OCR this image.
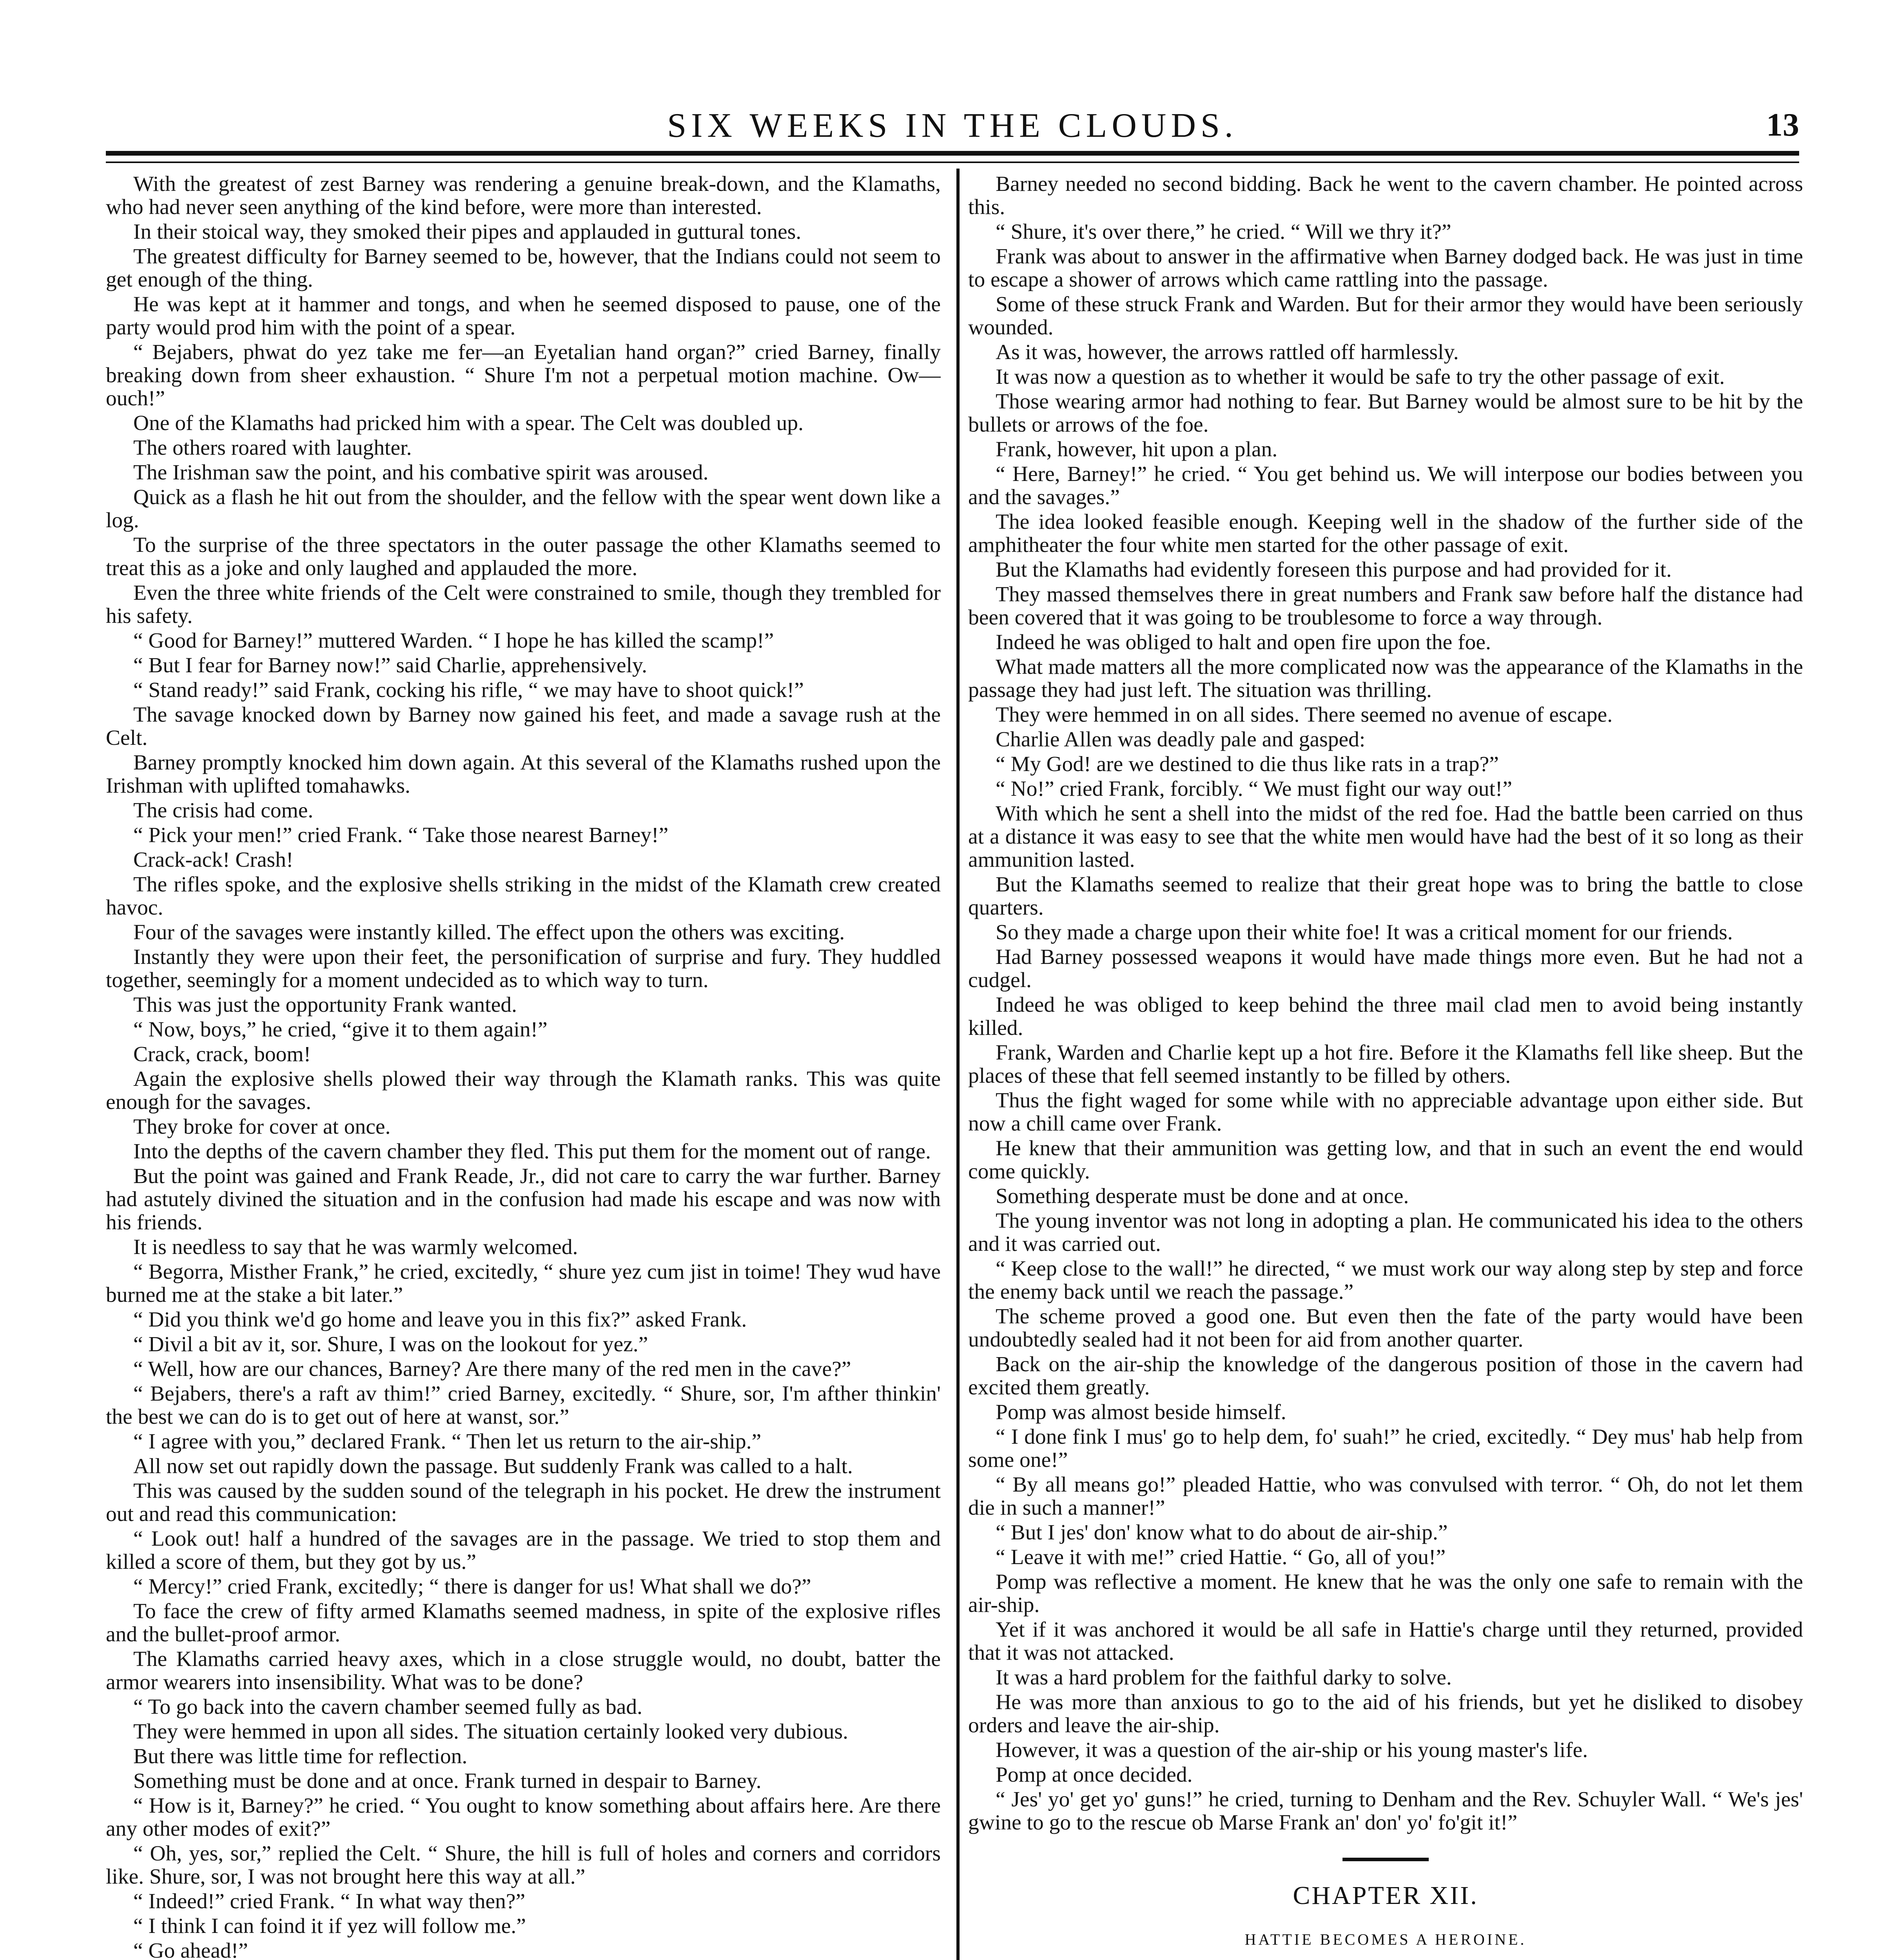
SIX WEEKS IN THE CLOUDS.	13

With the greatest of zest Barney was rendering a genuine break-down, and the Klamaths, who had never seen anything of the kind before, were more than interested.

In their stoical way, they smoked their pipes and applauded in guttural tones.

The greatest difficulty for Barney seemed to be, however, that the Indians could not seem to get enough of the thing.

He was kept at it hammer and tongs, and when he seemed disposed to pause, one of the party would prod him with the point of a spear.

“ Bejabers, phwat do yez take me fer—an Eyetalian hand organ?” cried Barney, finally breaking down from sheer exhaustion. “ Shure I'm not a perpetual motion machine. Ow—ouch!”

One of the Klamaths had pricked him with a spear. The Celt was doubled up.

The others roared with laughter.

The Irishman saw the point, and his combative spirit was aroused.

Quick as a flash he hit out from the shoulder, and the fellow with the spear went down like a log.

To the surprise of the three spectators in the outer passage the other Klamaths seemed to treat this as a joke and only laughed and applauded the more.

Even the three white friends of the Celt were constrained to smile, though they trembled for his safety.

“ Good for Barney!” muttered Warden. “ I hope he has killed the scamp!”

“ But I fear for Barney now!” said Charlie, apprehensively.

“ Stand ready!” said Frank, cocking his rifle, “ we may have to shoot quick!”

The savage knocked down by Barney now gained his feet, and made a savage rush at the Celt.

Barney promptly knocked him down again. At this several of the Klamaths rushed upon the Irishman with uplifted tomahawks.

The crisis had come.

“ Pick your men!” cried Frank. “ Take those nearest Barney!”

Crack-ack! Crash!

The rifles spoke, and the explosive shells striking in the midst of the Klamath crew created havoc.

Four of the savages were instantly killed. The effect upon the others was exciting.

Instantly they were upon their feet, the personification of surprise and fury. They huddled together, seemingly for a moment undecided as to which way to turn.

This was just the opportunity Frank wanted.

“ Now, boys,” he cried, “give it to them again!”

Crack, crack, boom!

Again the explosive shells plowed their way through the Klamath ranks. This was quite enough for the savages.

They broke for cover at once.

Into the depths of the cavern chamber they fled. This put them for the moment out of range.

But the point was gained and Frank Reade, Jr., did not care to carry the war further. Barney had astutely divined the situation and in the confusion had made his escape and was now with his friends.

It is needless to say that he was warmly welcomed.

“ Begorra, Misther Frank,” he cried, excitedly, “ shure yez cum jist in toime! They wud have burned me at the stake a bit later.”

“ Did you think we'd go home and leave you in this fix?” asked Frank.

“ Divil a bit av it, sor. Shure, I was on the lookout for yez.”

“ Well, how are our chances, Barney? Are there many of the red men in the cave?”

“ Bejabers, there's a raft av thim!” cried Barney, excitedly. “ Shure, sor, I'm afther thinkin' the best we can do is to get out of here at wanst, sor.”

“ I agree with you,” declared Frank. “ Then let us return to the air-ship.”

All now set out rapidly down the passage. But suddenly Frank was called to a halt.

This was caused by the sudden sound of the telegraph in his pocket. He drew the instrument out and read this communication:

“ Look out! half a hundred of the savages are in the passage. We tried to stop them and killed a score of them, but they got by us.”

“ Mercy!” cried Frank, excitedly; “ there is danger for us! What shall we do?”

To face the crew of fifty armed Klamaths seemed madness, in spite of the explosive rifles and the bullet-proof armor.

The Klamaths carried heavy axes, which in a close struggle would, no doubt, batter the armor wearers into insensibility. What was to be done?

“ To go back into the cavern chamber seemed fully as bad.

They were hemmed in upon all sides. The situation certainly looked very dubious.

But there was little time for reflection.

Something must be done and at once. Frank turned in despair to Barney.

“ How is it, Barney?” he cried. “ You ought to know something about affairs here. Are there any other modes of exit?”

“ Oh, yes, sor,” replied the Celt. “ Shure, the hill is full of holes and corners and corridors like. Shure, sor, I was not brought here this way at all.”

“ Indeed!” cried Frank. “ In what way then?”

“ I think I can foind it if yez will follow me.”

“ Go ahead!”

Barney needed no second bidding. Back he went to the cavern chamber. He pointed across this.

“ Shure, it's over there,” he cried. “ Will we thry it?”

Frank was about to answer in the affirmative when Barney dodged back. He was just in time to escape a shower of arrows which came rattling into the passage.

Some of these struck Frank and Warden. But for their armor they would have been seriously wounded.

As it was, however, the arrows rattled off harmlessly.

It was now a question as to whether it would be safe to try the other passage of exit.

Those wearing armor had nothing to fear. But Barney would be almost sure to be hit by the bullets or arrows of the foe.

Frank, however, hit upon a plan.

“ Here, Barney!” he cried. “ You get behind us. We will interpose our bodies between you and the savages.”

The idea looked feasible enough. Keeping well in the shadow of the further side of the amphitheater the four white men started for the other passage of exit.

But the Klamaths had evidently foreseen this purpose and had provided for it.

They massed themselves there in great numbers and Frank saw before half the distance had been covered that it was going to be troublesome to force a way through.

Indeed he was obliged to halt and open fire upon the foe.

What made matters all the more complicated now was the appearance of the Klamaths in the passage they had just left. The situation was thrilling.

They were hemmed in on all sides. There seemed no avenue of escape.

Charlie Allen was deadly pale and gasped:

“ My God! are we destined to die thus like rats in a trap?”

“ No!” cried Frank, forcibly. “ We must fight our way out!”

With which he sent a shell into the midst of the red foe. Had the battle been carried on thus at a distance it was easy to see that the white men would have had the best of it so long as their ammunition lasted.

But the Klamaths seemed to realize that their great hope was to bring the battle to close quarters.

So they made a charge upon their white foe! It was a critical moment for our friends.

Had Barney possessed weapons it would have made things more even. But he had not a cudgel.

Indeed he was obliged to keep behind the three mail clad men to avoid being instantly killed.

Frank, Warden and Charlie kept up a hot fire. Before it the Klamaths fell like sheep. But the places of these that fell seemed instantly to be filled by others.

Thus the fight waged for some while with no appreciable advantage upon either side. But now a chill came over Frank.

He knew that their ammunition was getting low, and that in such an event the end would come quickly.

Something desperate must be done and at once.

The young inventor was not long in adopting a plan. He communicated his idea to the others and it was carried out.

“ Keep close to the wall!” he directed, “ we must work our way along step by step and force the enemy back until we reach the passage.”

The scheme proved a good one. But even then the fate of the party would have been undoubtedly sealed had it not been for aid from another quarter.

Back on the air-ship the knowledge of the dangerous position of those in the cavern had excited them greatly.

Pomp was almost beside himself.

“ I done fink I mus' go to help dem, fo' suah!” he cried, excitedly. “ Dey mus' hab help from some one!”

“ By all means go!” pleaded Hattie, who was convulsed with terror. “ Oh, do not let them die in such a manner!”

“ But I jes' don' know what to do about de air-ship.”

“ Leave it with me!” cried Hattie. “ Go, all of you!”

Pomp was reflective a moment. He knew that he was the only one safe to remain with the air-ship.

Yet if it was anchored it would be all safe in Hattie's charge until they returned, provided that it was not attacked.

It was a hard problem for the faithful darky to solve.

He was more than anxious to go to the aid of his friends, but yet he disliked to disobey orders and leave the air-ship.

However, it was a question of the air-ship or his young master's life.

Pomp at once decided.

“ Jes' yo' get yo' guns!” he cried, turning to Denham and the Rev. Schuyler Wall. “ We's jes' gwine to go to the rescue ob Marse Frank an' don' yo' fo'git it!”

CHAPTER XII.
HATTIE BECOMES A HEROINE.
